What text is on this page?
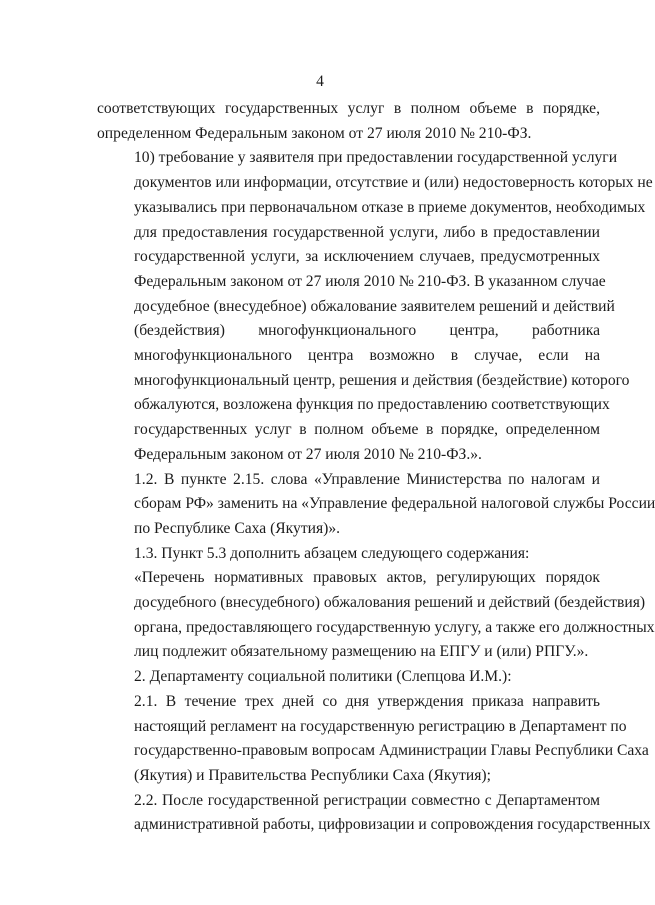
4

соответствующих государственных услуг в полном объеме в порядке,
определенном Федеральным законом от 27 июля 2010 № 210-ФЗ.

10) требование у заявителя при предоставлении государственной услуги
документов или информации, отсутствие и (или) недостоверность которых не
указывались при первоначальном отказе в приеме документов, необходимых
для предоставления государственной услуги, либо в предоставлении
государственной услуги, за исключением случаев, предусмотренных
Федеральным законом от 27 июля 2010 № 210-ФЗ. В указанном случае
досудебное (внесудебное) обжалование заявителем решений и действий
(бездействия) многофункционального центра, работника
многофункционального центра возможно в случае, если на
многофункциональный центр, решения и действия (бездействие) которого
обжалуются, возложена функция по предоставлению соответствующих
государственных услуг в полном объеме в порядке, определенном
Федеральным законом от 27 июля 2010 № 210-ФЗ.».

1.2. В пункте 2.15. слова «Управление Министерства по налогам и
сборам РФ» заменить на «Управление федеральной налоговой службы России
по Республике Саха (Якутия)».

1.3. Пункт 5.3 дополнить абзацем следующего содержания:

«Перечень нормативных правовых актов, регулирующих порядок
досудебного (внесудебного) обжалования решений и действий (бездействия)
органа, предоставляющего государственную услугу, а также его должностных
лиц подлежит обязательному размещению на ЕПГУ и (или) РПГУ.».

2. Департаменту социальной политики (Слепцова И.М.):

2.1. В течение трех дней со дня утверждения приказа направить
настоящий регламент на государственную регистрацию в Департамент по
государственно-правовым вопросам Администрации Главы Республики Саха
(Якутия) и Правительства Республики Саха (Якутия);

2.2. После государственной регистрации совместно с Департаментом
административной работы, цифровизации и сопровождения государственных
